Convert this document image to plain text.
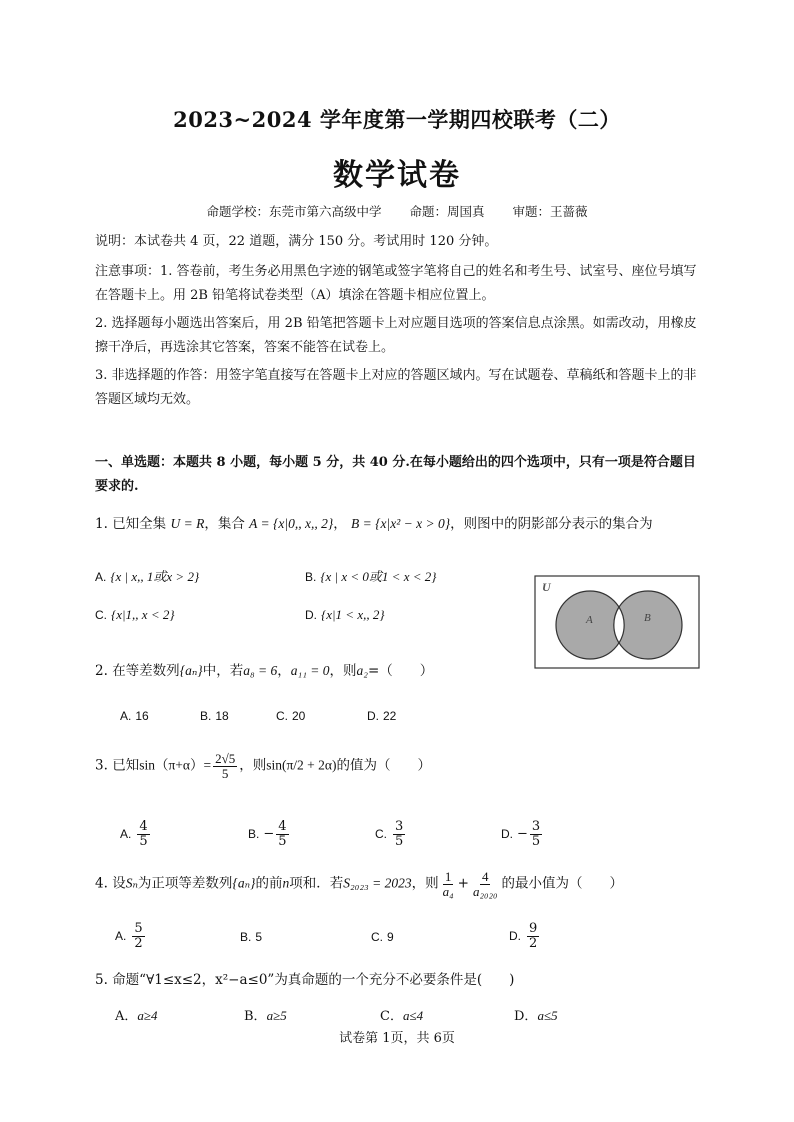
2023~2024 学年度第一学期四校联考（二）
数学试卷
命题学校：东莞市第六高级中学 命题：周国真 审题：王蔷薇
说明：本试卷共 4 页，22 道题，满分 150 分。考试用时 120 分钟。
注意事项：1. 答卷前，考生务必用黑色字迹的钢笔或签字笔将自己的姓名和考生号、试室号、座位号填写在答题卡上。用 2B 铅笔将试卷类型（A）填涂在答题卡相应位置上。
2. 选择题每小题选出答案后，用 2B 铅笔把答题卡上对应题目选项的答案信息点涂黑。如需改动，用橡皮擦干净后，再选涂其它答案，答案不能答在试卷上。
3. 非选择题的作答：用签字笔直接写在答题卡上对应的答题区域内。写在试题卷、草稿纸和答题卡上的非答题区域均无效。
一、单选题：本题共 8 小题，每小题 5 分，共 40 分.在每小题给出的四个选项中，只有一项是符合题目要求的.
1. 已知全集 U = R，集合 A = {x|0,, x,, 2}， B = {x|x² − x > 0}，则图中的阴影部分表示的集合为
A. {x | x,, 1或x > 2}	B. {x | x < 0或1 < x < 2}
C. {x|1,, x < 2}	D. {x|1 < x,, 2}
U
A	B
2. 在等差数列{aₙ}中，若a₈ = 6，a₁₁ = 0，则a₂=（　　）
A. 16	B. 18	C. 20	D. 22
3. 已知$\sin(\pi+\alpha)= \frac{2√5}{5}$ ，则sin(π/2 + 2α)的值为（　　）
A. $\frac{4}{5}$	B. − $\frac{4}{5}$	C. $\frac{3}{5}$	D. − $\frac{3}{5}$
4. 设Sₙ为正项等差数列{aₙ}的前n项和．若S₂₀₂₃ = 2023，则 $\frac{1}{\text{a₄}} + \frac{4}{\text{a₂₀₂₀}}$ 的最小值为（　　）
A. $\frac{5}{2}$	B. 5	C. 9	D. $\frac{9}{2}$
5. 命题“∀1≤x≤2，x²−a≤0”为真命题的一个充分不必要条件是(　　)
A．a≥4	B．a≥5	C．a≤4	D．a≤5
试卷第 1页，共 6页
